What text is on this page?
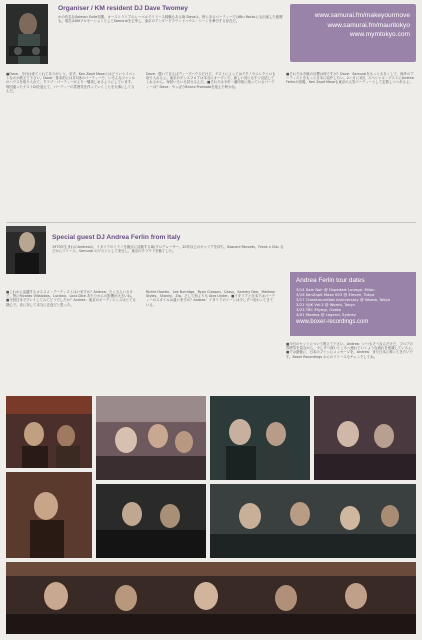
Organiser / KM resident DJ Dave Twomey
かの有名なSalmon Suite初期、オーストラリアのレーベルでリリース経験もあるDJ Daveは、時にあるパーティーではBlu Rocksにも出演した経歴も。現在はKMプロモーションとしてSamuraiを主宰し、東京のアンダーグラウンドハウス・シーンを牽引する存在だ。
www.samurai.fm/makeyourmove
www.samurai.fm/mauritokyo
www.mymtokyo.com
■Dave、今日は来てくれてありがとう。まず、Ken Zapit Maseとはどういうイベントなのか教えて下さい。Dave：基本的には月1回のパーティーで、いろんなジャンルのハウスを取り入れて、クラブ・パーティーがより一層楽しめるようにしています。毎回違ったゲストDJを迎えて、パーティーの雰囲気を作っていくことを大事にしてるんだ。
Dave：強いて言えばディープハウスだけど、ゲストによってはテクノやエレクトロも取り入れるよ。東京のダンスフロアは本当にオープンで、新しい音にもすぐ反応してくれるから、毎回いろいろ試せるんだ。■それでは今年一番印象に残っているパーティーは？Dave：やっぱりBruno Pronsatoを迎えた時かな。
■それでは今後の目標は何ですか？Dave：Samuraiをもっと大きくして、海外のアーティストをもっと日本に紹介したい。2ヶ月に1回、スペシャル・ゲストにAndrea Ferlinが登場、Ken Zapit Maseも東京の人気パーティーとして定着しつつあるよ。
Special guest DJ Andrea Ferlin from Italy
1970年生まれのAndreaは、イタリアのミラノを拠点に活動するDJ/プロデューサー。20年以上のキャリアを持ち、Bosconi Records、Freak n Chic などからリリース。Samurai のゲストとして来日し、東京のクラウドを魅了した。
Andrea Ferlin tour dates
3/14 Sale Noir @ Ospedale Lounge, Milan
3/16 KenZapit Mase 003 @ Eleven, Tokyo
3/17 Closetroundtab Anniversary @ Womb, Tokyo
3/21 VJJK Vol.3 @ Womb, Tokyo
3/23 TBC Miyagi, Osaka
4/01 Maatsa @ Legend, Sydney
www.boxer-recordings.com
■これから活躍するオススメ・アーティストはいますか？Andrea：たくさんいるけど、特にRicardo Villalobos、Luciano、Loco Dice あたりからの影響が大きいね。■今回日本でプレイしてみてどうでしたか？Andrea：東京のオーディエンスはとても熱心で、音に対して本当に正直だと思った。
Richie Hawtin、Lee Burridge、Ryan Crosson、Cassy、Sammy Dee、Mathew Styles、Shonky、Zip、そして何よりも Alex Under。■イタリアと日本ではパーティーのスタイルは違いますか？Andrea：イタリアのシーンは少しずつ変わってきている。
■今日のセットについて教えて下さい。Andrea：いつもそうなんだけど、フロアの雰囲気を見ながら、少しずつ深いところへ連れていくような流れを意識しているよ。■では最後に、日本のファンにメッセージを。Andrea：また日本に帰ってきたいです。Boxer Recordings からのリリースもチェックしてね。
